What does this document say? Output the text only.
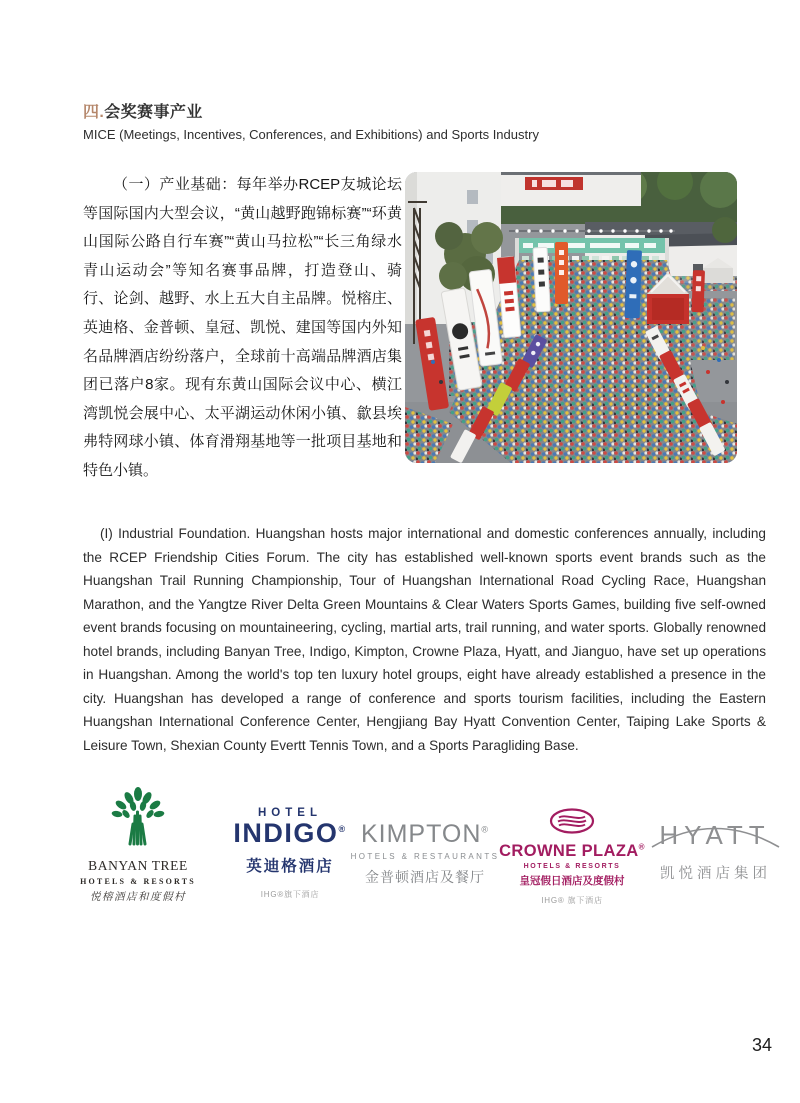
四.会奖赛事产业
MICE (Meetings, Incentives, Conferences, and Exhibitions) and Sports Industry
（一）产业基础：每年举办RCEP友城论坛等国际国内大型会议，“黄山越野跑锦标赛”“环黄山国际公路自行车赛”“黄山马拉松”“长三角绿水青山运动会”等知名赛事品牌，打造登山、骑行、论剑、越野、水上五大自主品牌。悦榕庄、英迪格、金普顿、皇冠、凯悦、建国等国内外知名品牌酒店纷纷落户，全球前十高端品牌酒店集团已落户8家。现有东黄山国际会议中心、横江湾凯悦会展中心、太平湖运动休闲小镇、歙县埃弗特网球小镇、体育滑翔基地等一批项目基地和特色小镇。
(I) Industrial Foundation. Huangshan hosts major international and domestic conferences annually, including the RCEP Friendship Cities Forum. The city has established well-known sports event brands such as the Huangshan Trail Running Championship, Tour of Huangshan International Road Cycling Race, Huangshan Marathon, and the Yangtze River Delta Green Mountains & Clear Waters Sports Games, building five self-owned event brands focusing on mountaineering, cycling, martial arts, trail running, and water sports. Globally renowned hotel brands, including Banyan Tree, Indigo, Kimpton, Crowne Plaza, Hyatt, and Jianguo, have set up operations in Huangshan. Among the world's top ten luxury hotel groups, eight have already established a presence in the city. Huangshan has developed a range of conference and sports tourism facilities, including the Eastern Huangshan International Conference Center, Hengjiang Bay Hyatt Convention Center, Taiping Lake Sports & Leisure Town, Shexian County Evertt Tennis Town, and a Sports Paragliding Base.
BANYAN TREE
HOTELS & RESORTS
悦榕酒店和度假村
HOTEL
INDIGO®
英迪格酒店
IHG®旗下酒店
KIMPTON®
HOTELS & RESTAURANTS
金普顿酒店及餐厅
CROWNE PLAZA®
HOTELS & RESORTS
皇冠假日酒店及度假村
IHG® 旗下酒店
HYATT
凯悦酒店集团
34
